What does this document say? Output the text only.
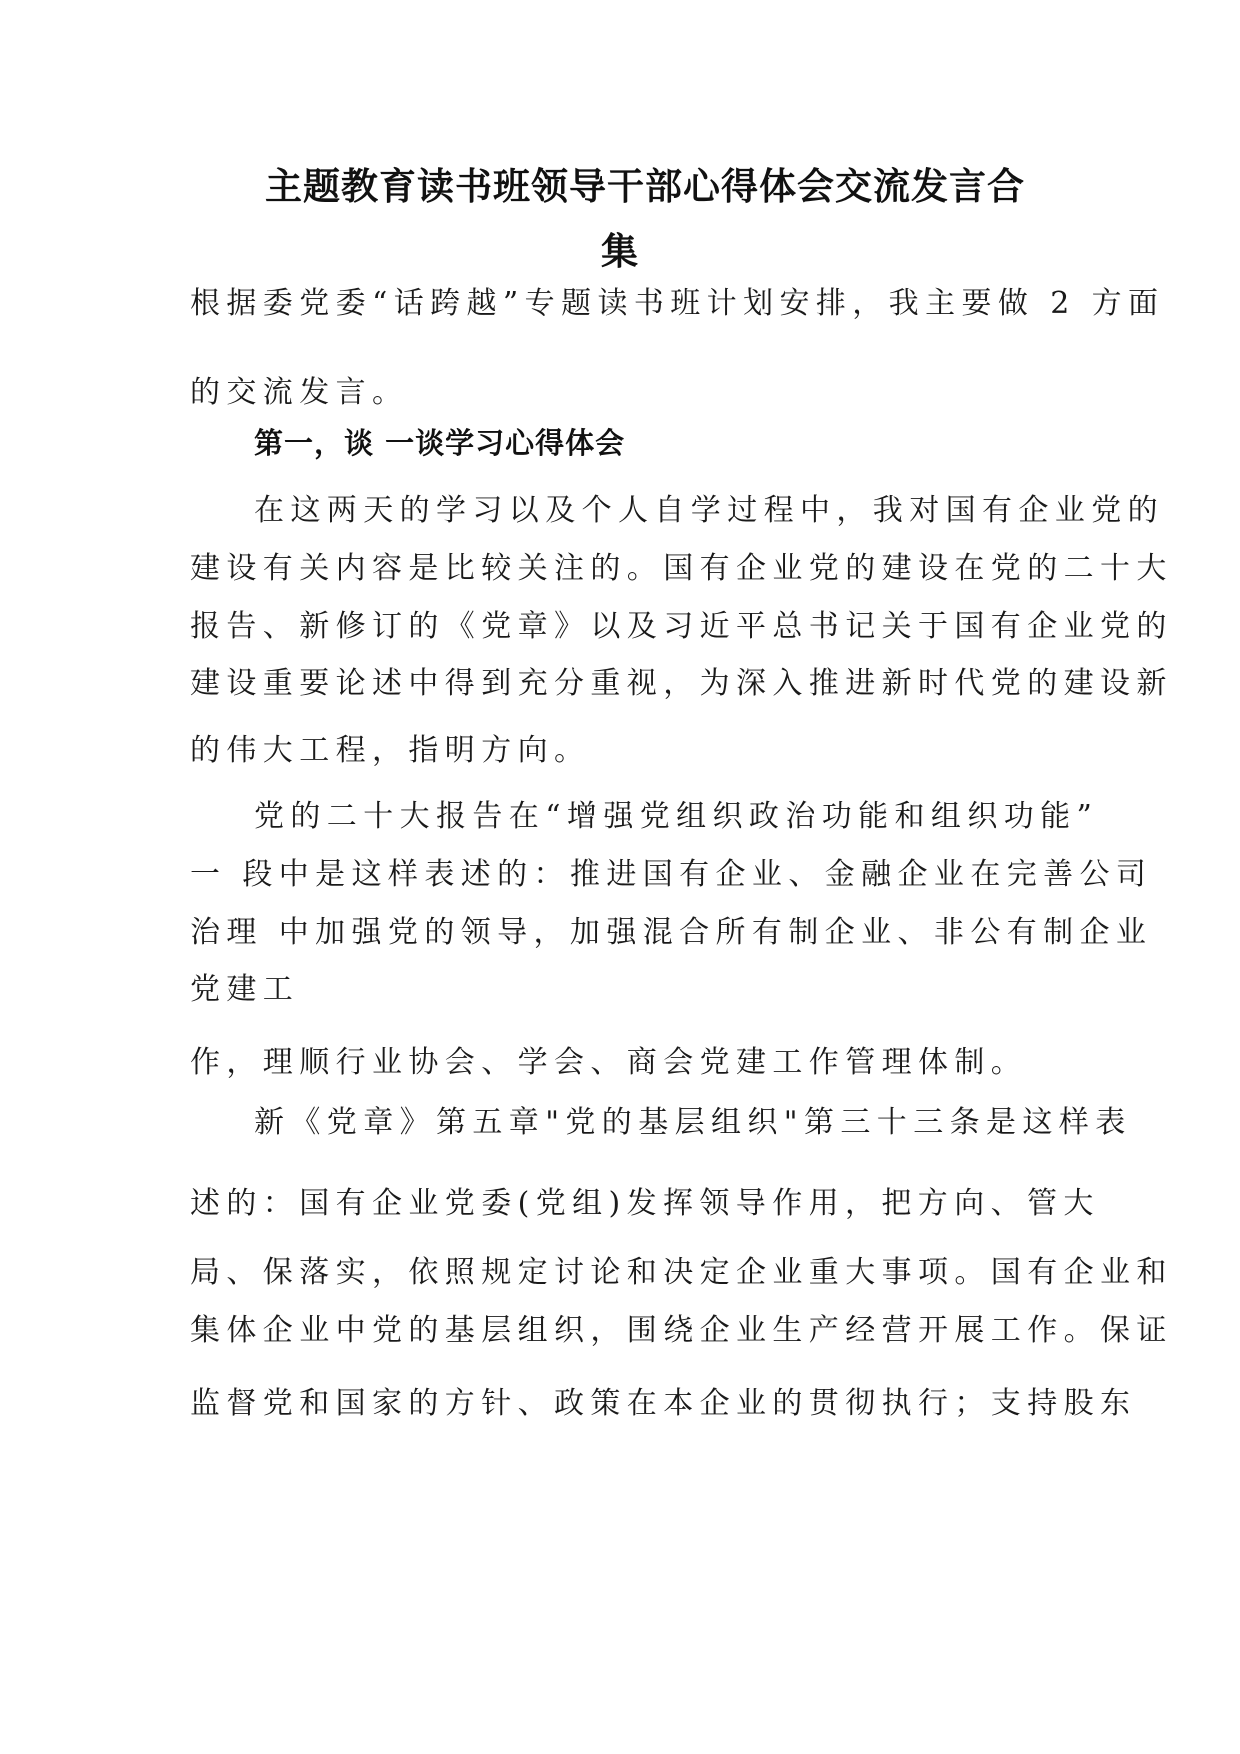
主题教育读书班领导干部心得体会交流发言合
集
根据委党委“话跨越”专题读书班计划安排，我主要做 2 方面
的交流发言。
第一，谈 一谈学习心得体会
在这两天的学习以及个人自学过程中，我对国有企业党的
建设有关内容是比较关注的。国有企业党的建设在党的二十大
报告、新修订的《党章》以及习近平总书记关于国有企业党的
建设重要论述中得到充分重视，为深入推进新时代党的建设新
的伟大工程，指明方向。
党的二十大报告在“增强党组织政治功能和组织功能”
一 段中是这样表述的：推进国有企业、金融企业在完善公司
治理 中加强党的领导，加强混合所有制企业、非公有制企业
党建工
作，理顺行业协会、学会、商会党建工作管理体制。
新《党章》第五章"党的基层组织"第三十三条是这样表
述的：国有企业党委(党组)发挥领导作用，把方向、管大
局、保落实，依照规定讨论和决定企业重大事项。国有企业和
集体企业中党的基层组织，围绕企业生产经营开展工作。保证
监督党和国家的方针、政策在本企业的贯彻执行；支持股东
